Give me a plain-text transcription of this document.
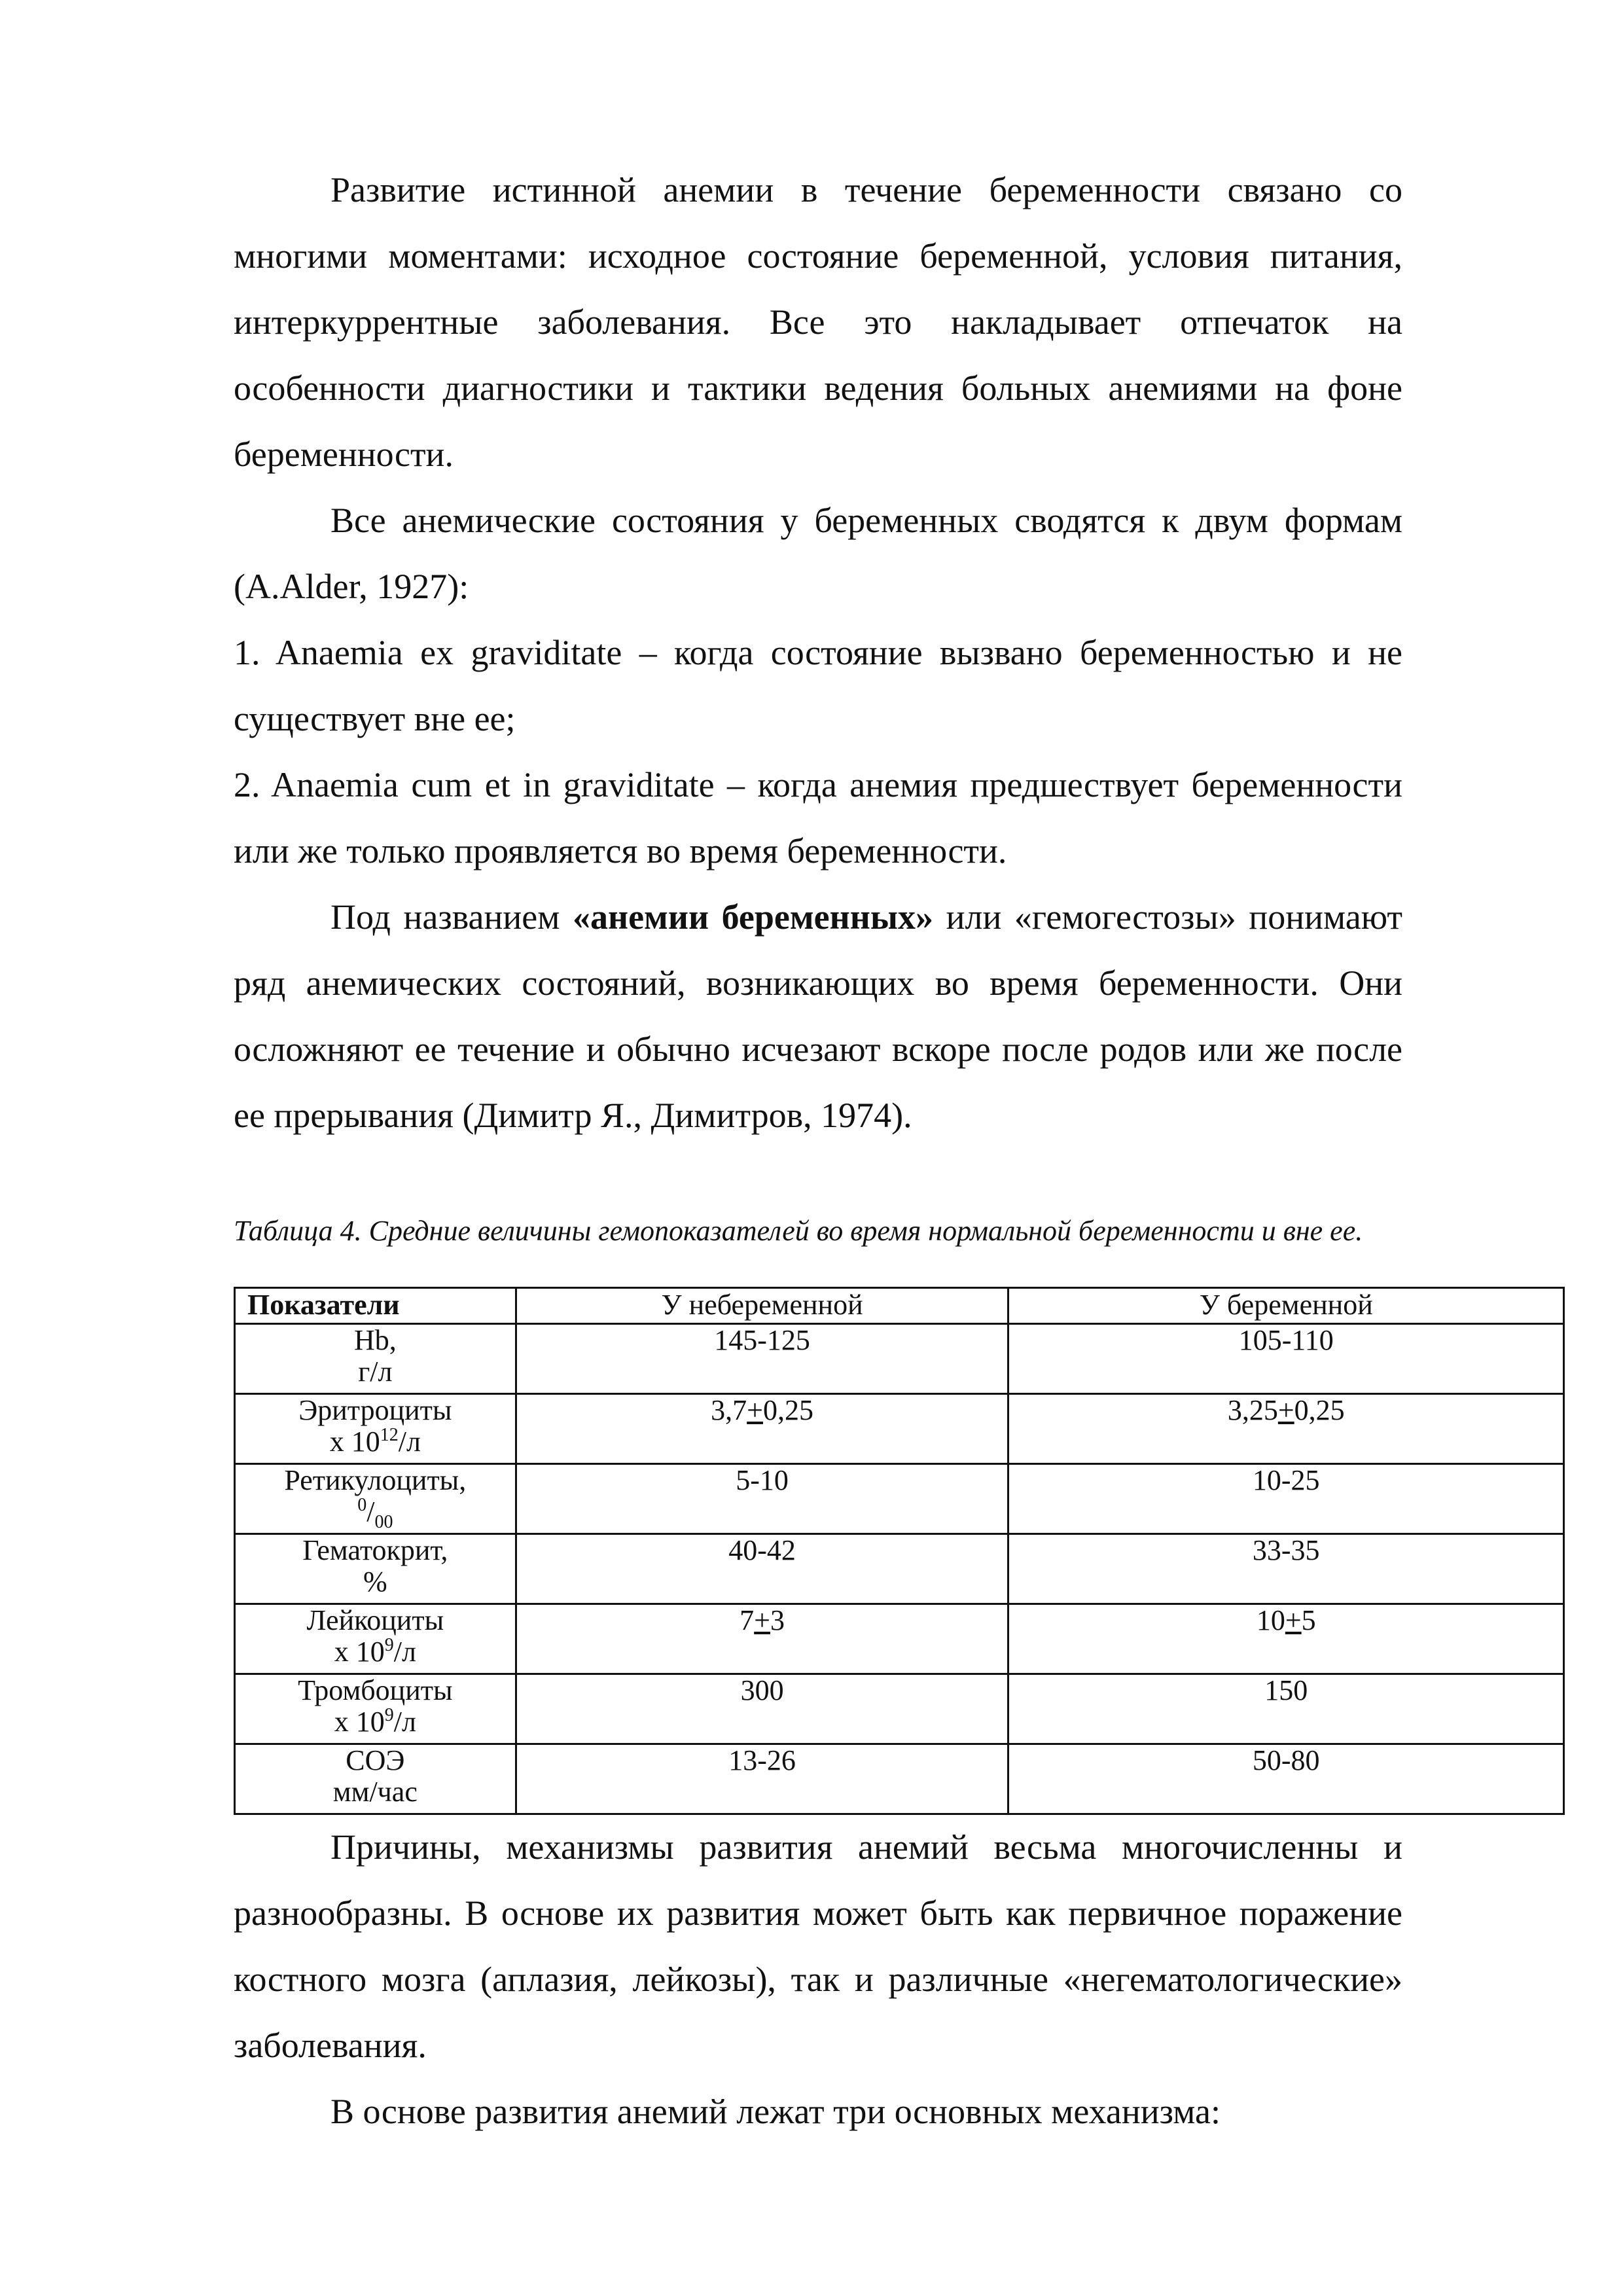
Развитие истинной анемии в течение беременности связано со многими моментами: исходное состояние беременной, условия питания, интеркуррентные заболевания. Все это накладывает отпечаток на особенности диагностики и тактики ведения больных анемиями на фоне беременности.

Все анемические состояния у беременных сводятся к двум формам (A.Alder, 1927):

1. Anaemia ex graviditate – когда состояние вызвано беременностью и не существует вне ее;

2. Anaemia cum et in graviditate – когда анемия предшествует беременности или же только проявляется во время беременности.

Под названием «анемии беременных» или «гемогестозы» понимают ряд анемических состояний, возникающих во время беременности. Они осложняют ее течение и обычно исчезают вскоре после родов или же после ее прерывания (Димитр Я., Димитров, 1974).

Таблица 4. Средние величины гемопоказателей во время нормальной беременности и вне ее.

Показатели	У небеременной	У беременной
Hb,
г/л	145-125	105-110
Эритроциты
х $10^{12}/л$	3,7+0,25	3,25+0,25
Ретикулоциты,
$^0/_{00}$	5-10	10-25
Гематокрит,
%	40-42	33-35
Лейкоциты
х $10^9/л$	7+3	10+5
Тромбоциты
х $10^9/л$	300	150
СОЭ
мм/час	13-26	50-80

Причины, механизмы развития анемий весьма многочисленны и разнообразны. В основе их развития может быть как первичное поражение костного мозга (аплазия, лейкозы), так и различные «негематологические» заболевания.

В основе развития анемий лежат три основных механизма:
